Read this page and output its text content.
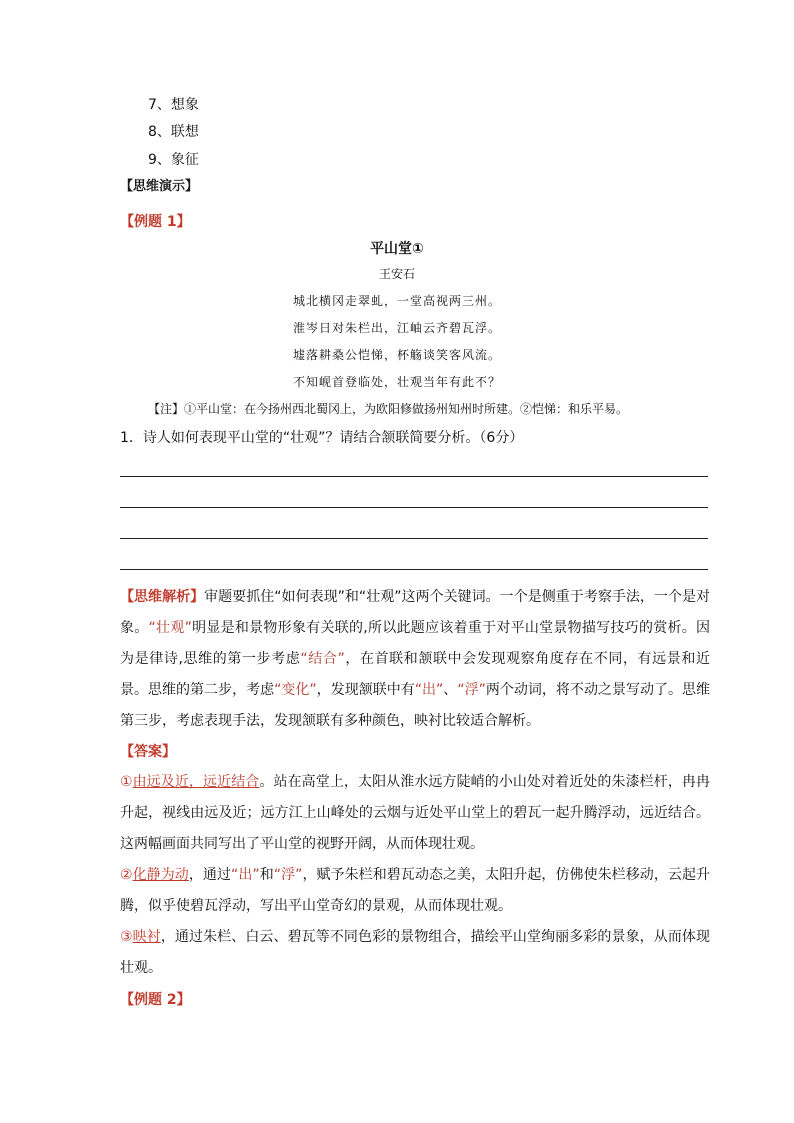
7、想象
8、联想
9、象征
【思维演示】
【例题 1】
平山堂①
王安石
城北横冈走翠虬，一堂高视两三州。
淮岑日对朱栏出，江岫云齐碧瓦浮。
墟落耕桑公恺悌，杯觞谈笑客风流。
不知岘首登临处，壮观当年有此不？
【注】①平山堂：在今扬州西北蜀冈上，为欧阳修做扬州知州时所建。②恺悌：和乐平易。
1．诗人如何表现平山堂的“壮观”？请结合颔联简要分析。（6分）

【思维解析】审题要抓住“如何表现”和“壮观”这两个关键词。一个是侧重于考察手法，一个是对象。“壮观”明显是和景物形象有关联的,所以此题应该着重于对平山堂景物描写技巧的赏析。因为是律诗,思维的第一步考虑“结合”，在首联和颔联中会发现观察角度存在不同，有远景和近景。思维的第二步，考虑“变化”，发现颔联中有“出”、“浮”两个动词，将不动之景写动了。思维第三步，考虑表现手法，发现颔联有多种颜色，映衬比较适合解析。

【答案】

①由远及近，远近结合。站在高堂上，太阳从淮水远方陡峭的小山处对着近处的朱漆栏杆，冉冉升起，视线由远及近；远方江上山峰处的云烟与近处平山堂上的碧瓦一起升腾浮动，远近结合。这两幅画面共同写出了平山堂的视野开阔，从而体现壮观。

②化静为动，通过“出”和“浮”，赋予朱栏和碧瓦动态之美，太阳升起，仿佛使朱栏移动，云起升腾，似乎使碧瓦浮动，写出平山堂奇幻的景观，从而体现壮观。

③映衬，通过朱栏、白云、碧瓦等不同色彩的景物组合，描绘平山堂绚丽多彩的景象，从而体现壮观。

【例题 2】
